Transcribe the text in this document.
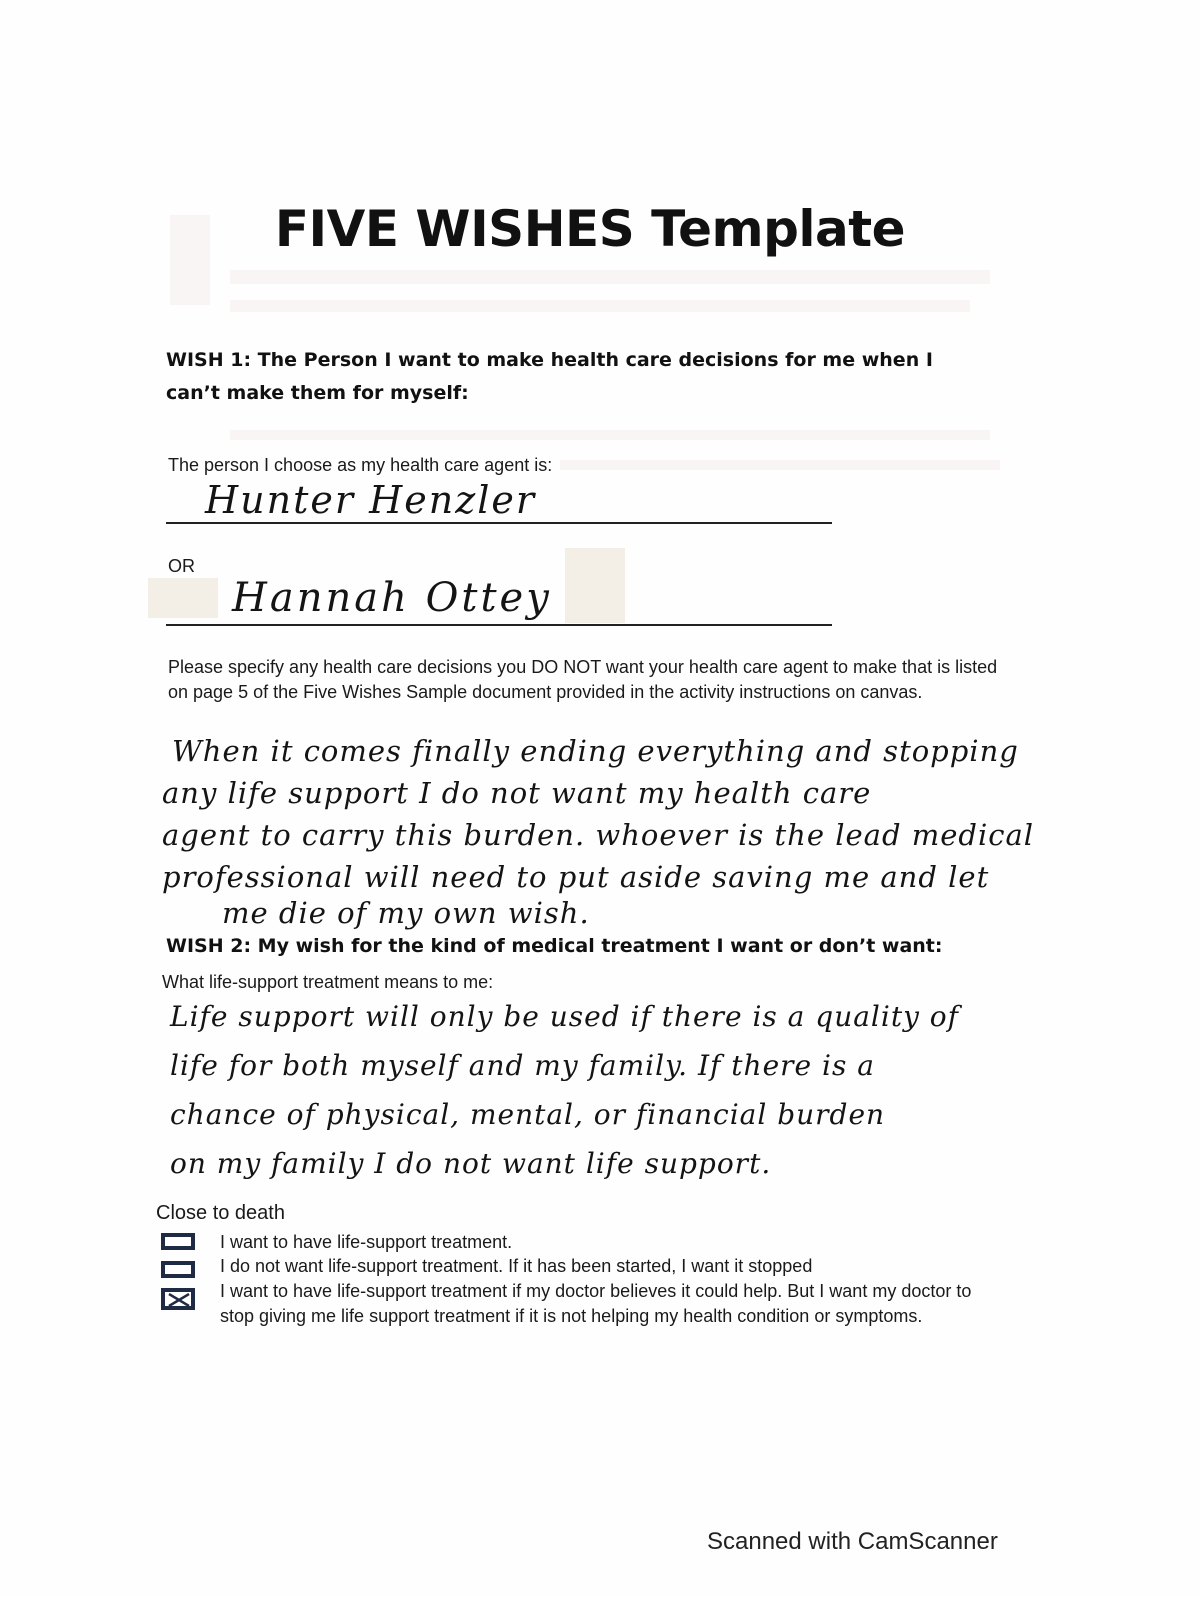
FIVE WISHES Template
WISH 1: The Person I want to make health care decisions for me when I can’t make them for myself:
The person I choose as my health care agent is:
Hunter Henzler
OR
Hannah Ottey
Please specify any health care decisions you DO NOT want your health care agent to make that is listed on page 5 of the Five Wishes Sample document provided in the activity instructions on canvas.
When it comes finally ending everything and stopping
any life support I do not want my health care
agent to carry this burden. whoever is the lead medical
professional will need to put aside saving me and let
me die of my own wish.
WISH 2: My wish for the kind of medical treatment I want or don’t want:
What life-support treatment means to me:
Life support will only be used if there is a quality of
life for both myself and my family. If there is a
chance of physical, mental, or financial burden
on my family I do not want life support.
Close to death
I want to have life-support treatment.
I do not want life-support treatment. If it has been started, I want it stopped
I want to have life-support treatment if my doctor believes it could help. But I want my doctor to stop giving me life support treatment if it is not helping my health condition or symptoms.
Scanned with CamScanner
